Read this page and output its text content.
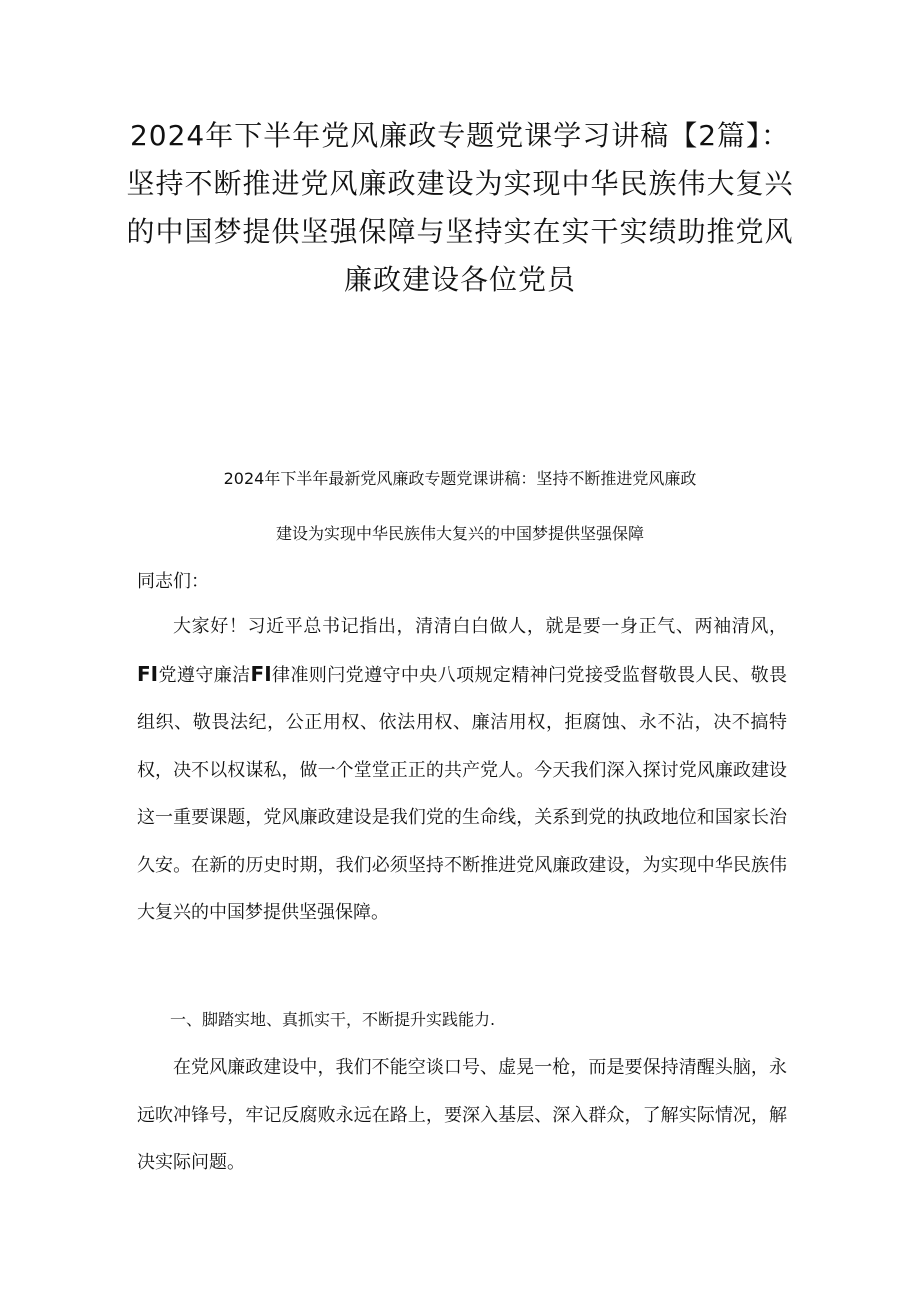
2024年下半年党风廉政专题党课学习讲稿【2篇】：坚持不断推进党风廉政建设为实现中华民族伟大复兴的中国梦提供坚强保障与坚持实在实干实绩助推党风廉政建设各位党员

2024年下半年最新党风廉政专题党课讲稿：坚持不断推进党风廉政

建设为实现中华民族伟大复兴的中国梦提供坚强保障

同志们：

大家好！习近平总书记指出，清清白白做人，就是要一身正气、两袖清风，FI党遵守廉洁FI律准则闩党遵守中央八项规定精神闩党接受监督敬畏人民、敬畏组织、敬畏法纪，公正用权、依法用权、廉洁用权，拒腐蚀、永不沾，决不搞特权，决不以权谋私，做一个堂堂正正的共产党人。今天我们深入探讨党风廉政建设这一重要课题，党风廉政建设是我们党的生命线，关系到党的执政地位和国家长治久安。在新的历史时期，我们必须坚持不断推进党风廉政建设，为实现中华民族伟大复兴的中国梦提供坚强保障。

一、脚踏实地、真抓实干，不断提升实践能力.

在党风廉政建设中，我们不能空谈口号、虚晃一枪，而是要保持清醒头脑，永远吹冲锋号，牢记反腐败永远在路上，要深入基层、深入群众，了解实际情况，解决实际问题。
